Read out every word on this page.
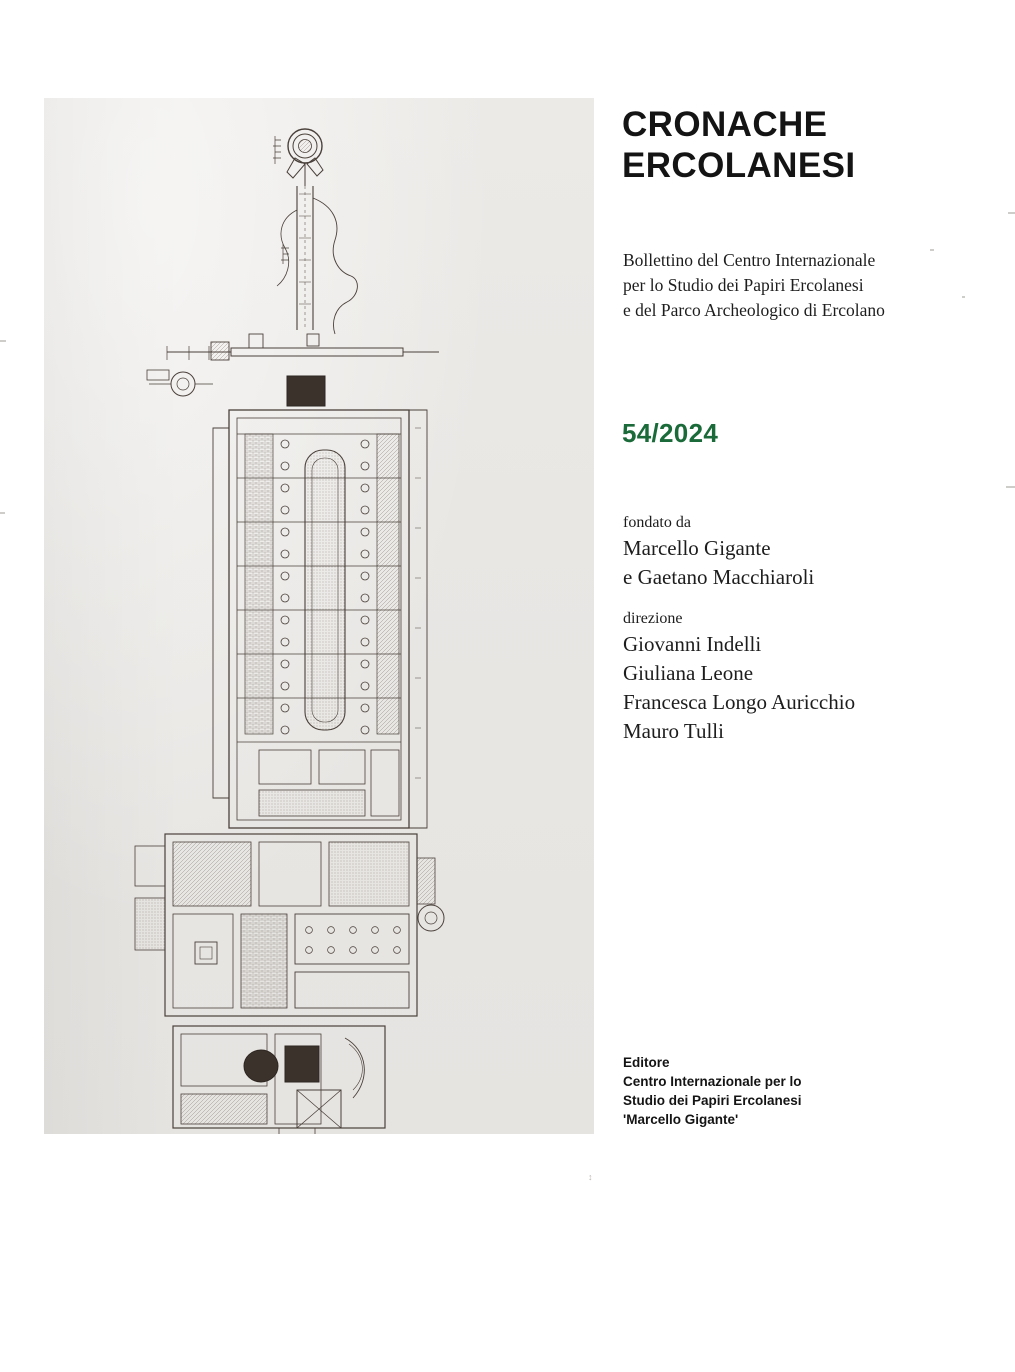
↕
CRONACHE
ERCOLANESI
Bollettino del Centro Internazionale
per lo Studio dei Papiri Ercolanesi
e del Parco Archeologico di Ercolano
54/2024
fondato da
Marcello Gigante
e Gaetano Macchiaroli
direzione
Giovanni Indelli
Giuliana Leone
Francesca Longo Auricchio
Mauro Tulli
Editore
Centro Internazionale per lo
Studio dei Papiri Ercolanesi
'Marcello Gigante'
